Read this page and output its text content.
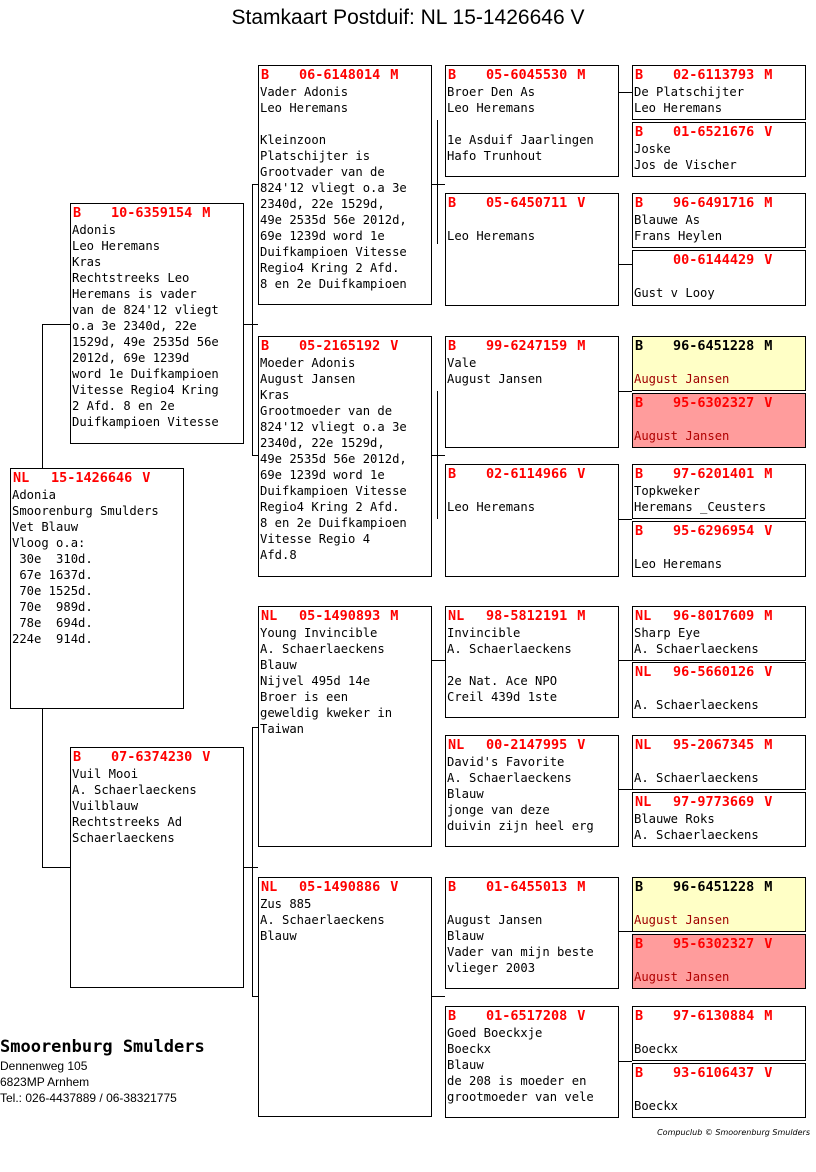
Stamkaart Postduif: NL 15-1426646 V
NL	15-1426646 V
Adonia
Smoorenburg Smulders
Vet Blauw
Vloog o.a:
30e  310d.
67e 1637d.
70e 1525d.
70e  989d.
78e  694d.
224e  914d.
B	10-6359154 M
Adonis
Leo Heremans
Kras
Rechtstreeks Leo
Heremans is vader
van de 824'12 vliegt
o.a 3e 2340d, 22e
1529d, 49e 2535d 56e
2012d, 69e 1239d
word 1e Duifkampioen
Vitesse Regio4 Kring
2 Afd. 8 en 2e
Duifkampioen Vitesse
B	07-6374230 V
Vuil Mooi
A. Schaerlaeckens
Vuilblauw
Rechtstreeks Ad
Schaerlaeckens
B	06-6148014 M
Vader Adonis
Leo Heremans

Kleinzoon
Platschijter is
Grootvader van de
824'12 vliegt o.a 3e
2340d, 22e 1529d,
49e 2535d 56e 2012d,
69e 1239d word 1e
Duifkampioen Vitesse
Regio4 Kring 2 Afd.
8 en 2e Duifkampioen
B	05-2165192 V
Moeder Adonis
August Jansen
Kras
Grootmoeder van de
824'12 vliegt o.a 3e
2340d, 22e 1529d,
49e 2535d 56e 2012d,
69e 1239d word 1e
Duifkampioen Vitesse
Regio4 Kring 2 Afd.
8 en 2e Duifkampioen
Vitesse Regio 4
Afd.8
NL	05-1490893 M
Young Invincible
A. Schaerlaeckens
Blauw
Nijvel 495d 14e
Broer is een
geweldig kweker in
Taiwan
NL	05-1490886 V
Zus 885
A. Schaerlaeckens
Blauw
B	05-6045530 M
Broer Den As
Leo Heremans

1e Asduif Jaarlingen
Hafo Trunhout
B	05-6450711 V

Leo Heremans
B	99-6247159 M
Vale
August Jansen
B	02-6114966 V

Leo Heremans
NL	98-5812191 M
Invincible
A. Schaerlaeckens

2e Nat. Ace NPO
Creil 439d 1ste
NL	00-2147995 V
David's Favorite
A. Schaerlaeckens
Blauw
jonge van deze
duivin zijn heel erg
B	01-6455013 M

August Jansen
Blauw
Vader van mijn beste
vlieger 2003
B	01-6517208 V
Goed Boeckxje
Boeckx
Blauw
de 208 is moeder en
grootmoeder van vele
B	02-6113793 M
De Platschijter
Leo Heremans
B	01-6521676 V
Joske
Jos de Vischer
B	96-6491716 M
Blauwe As
Frans Heylen
00-6144429 V

Gust v Looy
B	96-6451228 M

August Jansen
B	95-6302327 V

August Jansen
B	97-6201401 M
Topkweker
Heremans _Ceusters
B	95-6296954 V

Leo Heremans
NL	96-8017609 M
Sharp Eye
A. Schaerlaeckens
NL	96-5660126 V

A. Schaerlaeckens
NL	95-2067345 M

A. Schaerlaeckens
NL	97-9773669 V
Blauwe Roks
A. Schaerlaeckens
B	96-6451228 M

August Jansen
B	95-6302327 V

August Jansen
B	97-6130884 M

Boeckx
B	93-6106437 V

Boeckx
Smoorenburg Smulders
Dennenweg 105
6823MP Arnhem
Tel.: 026-4437889 / 06-38321775
Compuclub © Smoorenburg Smulders
